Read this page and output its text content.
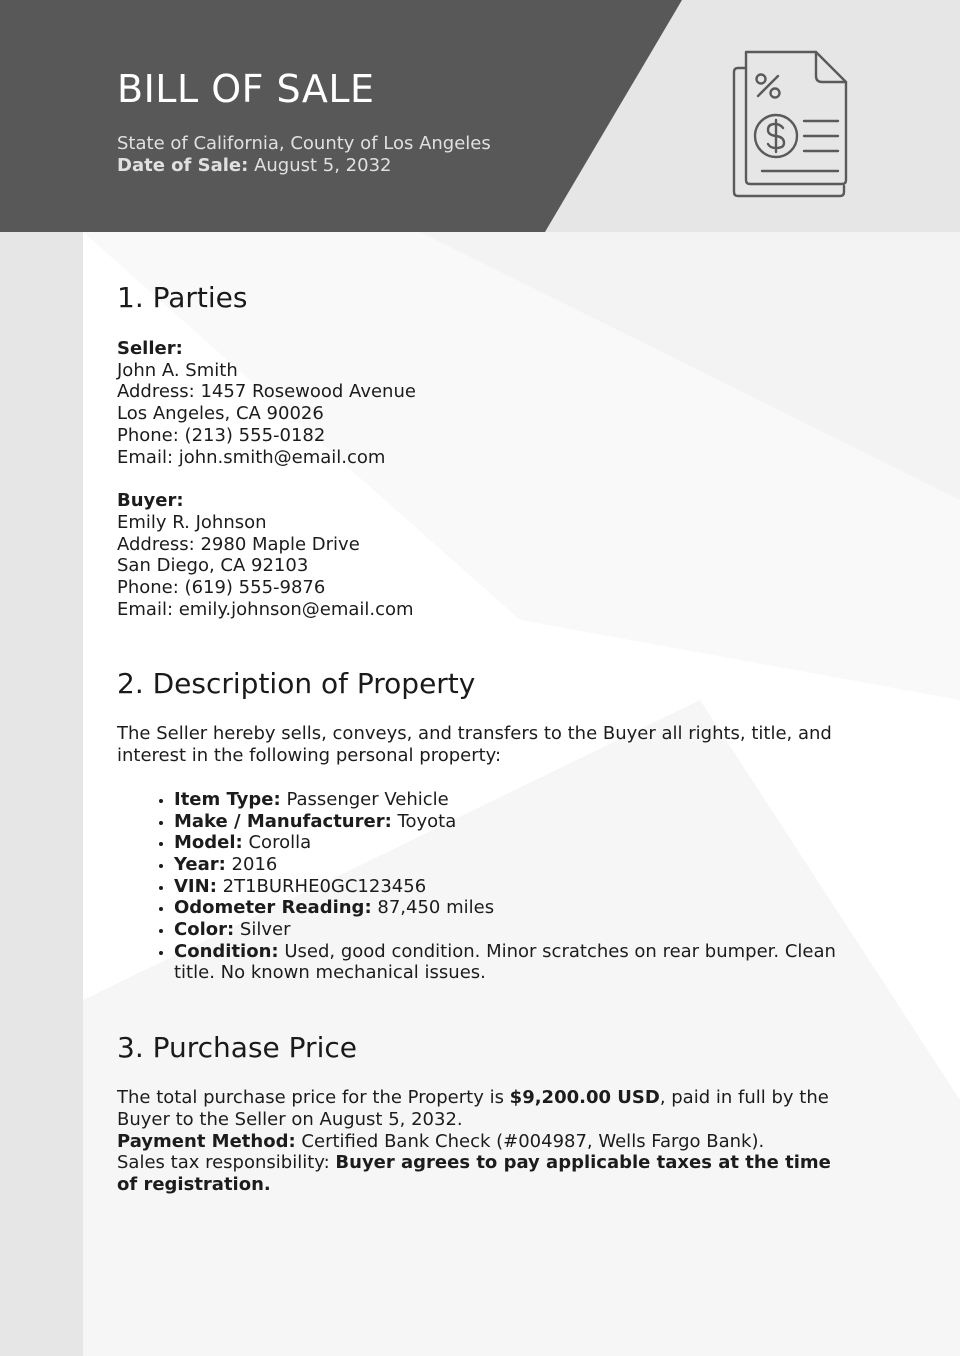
BILL OF SALE
State of California, County of Los Angeles
Date of Sale: August 5, 2032
1. Parties
Seller:
John A. Smith
Address: 1457 Rosewood Avenue
Los Angeles, CA 90026
Phone: (213) 555-0182
Email: john.smith@email.com
Buyer:
Emily R. Johnson
Address: 2980 Maple Drive
San Diego, CA 92103
Phone: (619) 555-9876
Email: emily.johnson@email.com
2. Description of Property

The Seller hereby sells, conveys, and transfers to the Buyer all rights, title, and interest in the following personal property:

• Item Type: Passenger Vehicle
• Make / Manufacturer: Toyota
• Model: Corolla
• Year: 2016
• VIN: 2T1BURHE0GC123456
• Odometer Reading: 87,450 miles
• Color: Silver
• Condition: Used, good condition. Minor scratches on rear bumper. Clean title. No known mechanical issues.
3. Purchase Price
The total purchase price for the Property is $9,200.00 USD, paid in full by the Buyer to the Seller on August 5, 2032.
Payment Method: Certified Bank Check (#004987, Wells Fargo Bank).
Sales tax responsibility: Buyer agrees to pay applicable taxes at the time of registration.
